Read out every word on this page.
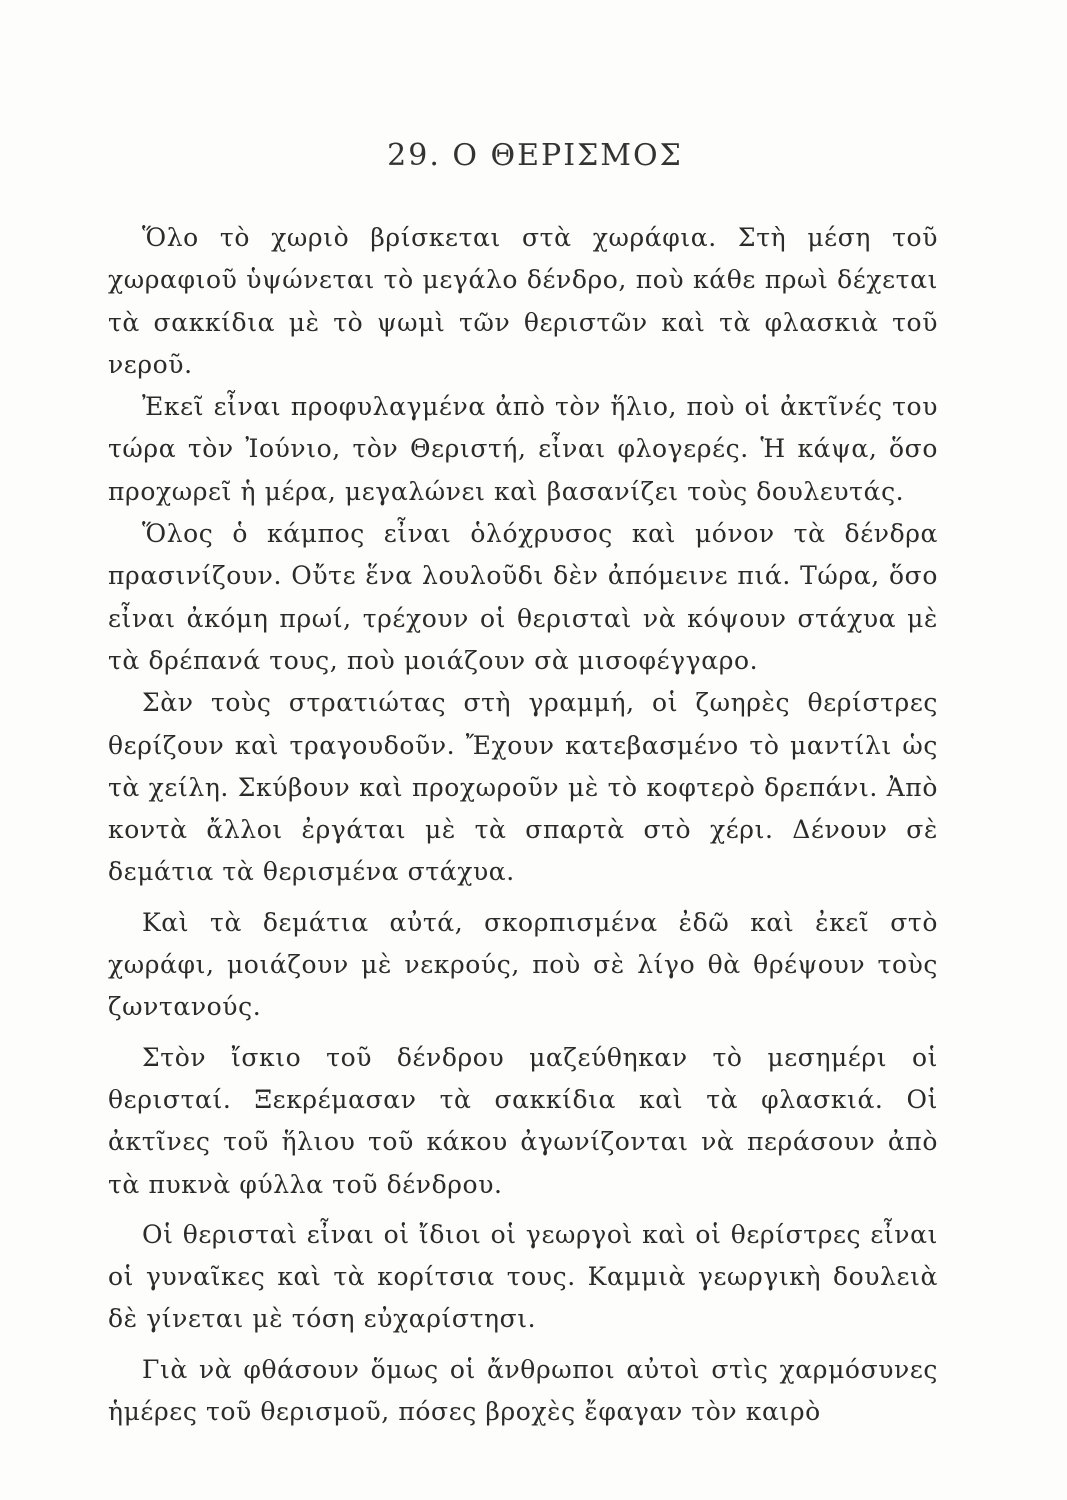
29. Ο ΘΕΡΙΣΜΟΣ

Ὅλο τὸ χωριὸ βρίσκεται στὰ χωράφια. Στὴ μέση τοῦ χωραφιοῦ ὑψώνεται τὸ μεγάλο δένδρο, ποὺ κάθε πρωὶ δέχεται τὰ σακκίδια μὲ τὸ ψωμὶ τῶν θεριστῶν καὶ τὰ φλασκιὰ τοῦ νεροῦ.

Ἐκεῖ εἶναι προφυλαγμένα ἀπὸ τὸν ἥλιο, ποὺ οἱ ἀκτῖνές του τώρα τὸν Ἰούνιο, τὸν Θεριστή, εἶναι φλογερές. Ἡ κάψα, ὅσο προχωρεῖ ἡ μέρα, μεγαλώνει καὶ βασανίζει τοὺς δουλευτάς.

Ὅλος ὁ κάμπος εἶναι ὁλόχρυσος καὶ μόνον τὰ δένδρα πρασινίζουν. Οὔτε ἕνα λουλοῦδι δὲν ἀπόμεινε πιά. Τώρα, ὅσο εἶναι ἀκόμη πρωί, τρέχουν οἱ θερισταὶ νὰ κόψουν στάχυα μὲ τὰ δρέπανά τους, ποὺ μοιάζουν σὰ μισοφέγγαρο.

Σὰν τοὺς στρατιώτας στὴ γραμμή, οἱ ζωηρὲς θερίστρες θερίζουν καὶ τραγουδοῦν. Ἔχουν κατεβασμένο τὸ μαντίλι ὡς τὰ χείλη. Σκύβουν καὶ προχωροῦν μὲ τὸ κοφτερὸ δρεπάνι. Ἀπὸ κοντὰ ἄλλοι ἐργάται μὲ τὰ σπαρτὰ στὸ χέρι. Δένουν σὲ δεμάτια τὰ θερισμένα στάχυα.

Καὶ τὰ δεμάτια αὐτά, σκορπισμένα ἐδῶ καὶ ἐκεῖ στὸ χωράφι, μοιάζουν μὲ νεκρούς, ποὺ σὲ λίγο θὰ θρέψουν τοὺς ζωντανούς.

Στὸν ἴσκιο τοῦ δένδρου μαζεύθηκαν τὸ μεσημέρι οἱ θερισταί. Ξεκρέμασαν τὰ σακκίδια καὶ τὰ φλασκιά. Οἱ ἀκτῖνες τοῦ ἥλιου τοῦ κάκου ἀγωνίζονται νὰ περάσουν ἀπὸ τὰ πυκνὰ φύλλα τοῦ δένδρου.

Οἱ θερισταὶ εἶναι οἱ ἴδιοι οἱ γεωργοὶ καὶ οἱ θερίστρες εἶναι οἱ γυναῖκες καὶ τὰ κορίτσια τους. Καμμιὰ γεωργικὴ δουλειὰ δὲ γίνεται μὲ τόση εὐχαρίστησι.

Γιὰ νὰ φθάσουν ὅμως οἱ ἄνθρωποι αὐτοὶ στὶς χαρμόσυνες ἡμέρες τοῦ θερισμοῦ, πόσες βροχὲς ἔφαγαν τὸν καιρὸ
